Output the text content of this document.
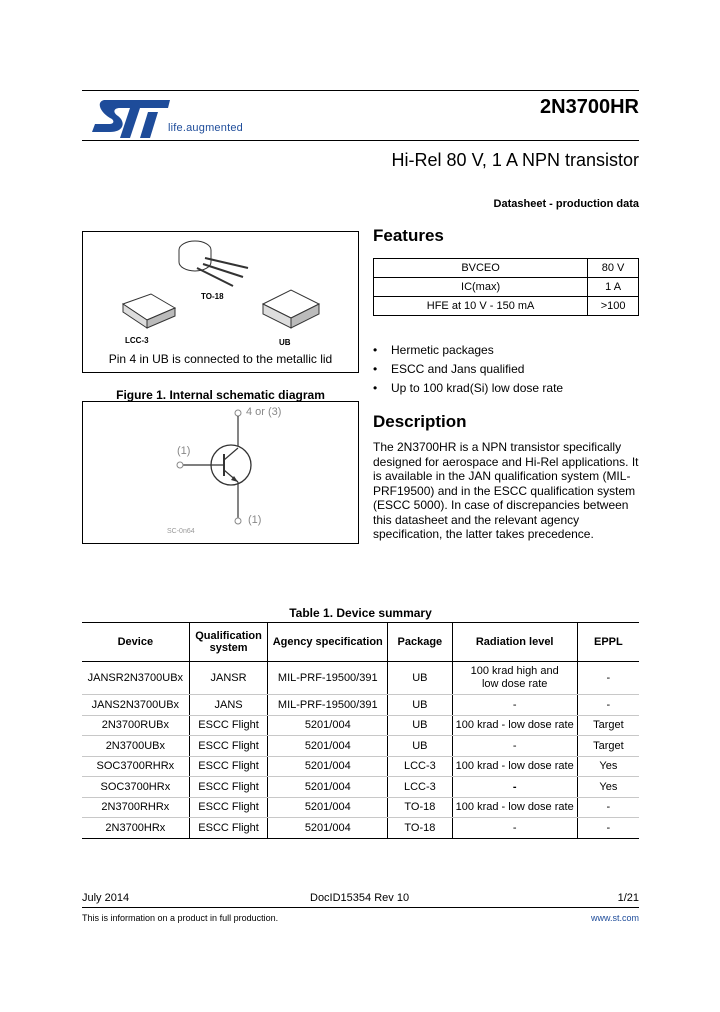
life.augmented
2N3700HR
Hi-Rel 80 V, 1 A NPN transistor
Datasheet - production data
TO-18
LCC-3	UB
Pin 4 in UB is connected to the metallic lid
Figure 1. Internal schematic diagram
4 or (3)
(1)
(1)
SC-0n64
Features
BVCEO	80 V
IC(max)	1 A
HFE at 10 V - 150 mA	>100
• Hermetic packages
• ESCC and Jans qualified
• Up to 100 krad(Si) low dose rate
Description
The 2N3700HR is a NPN transistor specifically designed for aerospace and Hi-Rel applications. It is available in the JAN qualification system (MIL-PRF19500) and in the ESCC qualification system (ESCC 5000). In case of discrepancies between this datasheet and the relevant agency specification, the latter takes precedence.
Table 1. Device summary
Device	Qualification system	Agency specification	Package	Radiation level	EPPL
JANSR2N3700UBx	JANSR	MIL-PRF-19500/391	UB	100 krad high and low dose rate	-
JANS2N3700UBx	JANS	MIL-PRF-19500/391	UB	-	-
2N3700RUBx	ESCC Flight	5201/004	UB	100 krad - low dose rate	Target
2N3700UBx	ESCC Flight	5201/004	UB	-	Target
SOC3700RHRx	ESCC Flight	5201/004	LCC-3	100 krad - low dose rate	Yes
SOC3700HRx	ESCC Flight	5201/004	LCC-3	-	Yes
2N3700RHRx	ESCC Flight	5201/004	TO-18	100 krad - low dose rate	-
2N3700HRx	ESCC Flight	5201/004	TO-18	-	-
July 2014	DocID15354 Rev 10	1/21
This is information on a product in full production.	www.st.com
